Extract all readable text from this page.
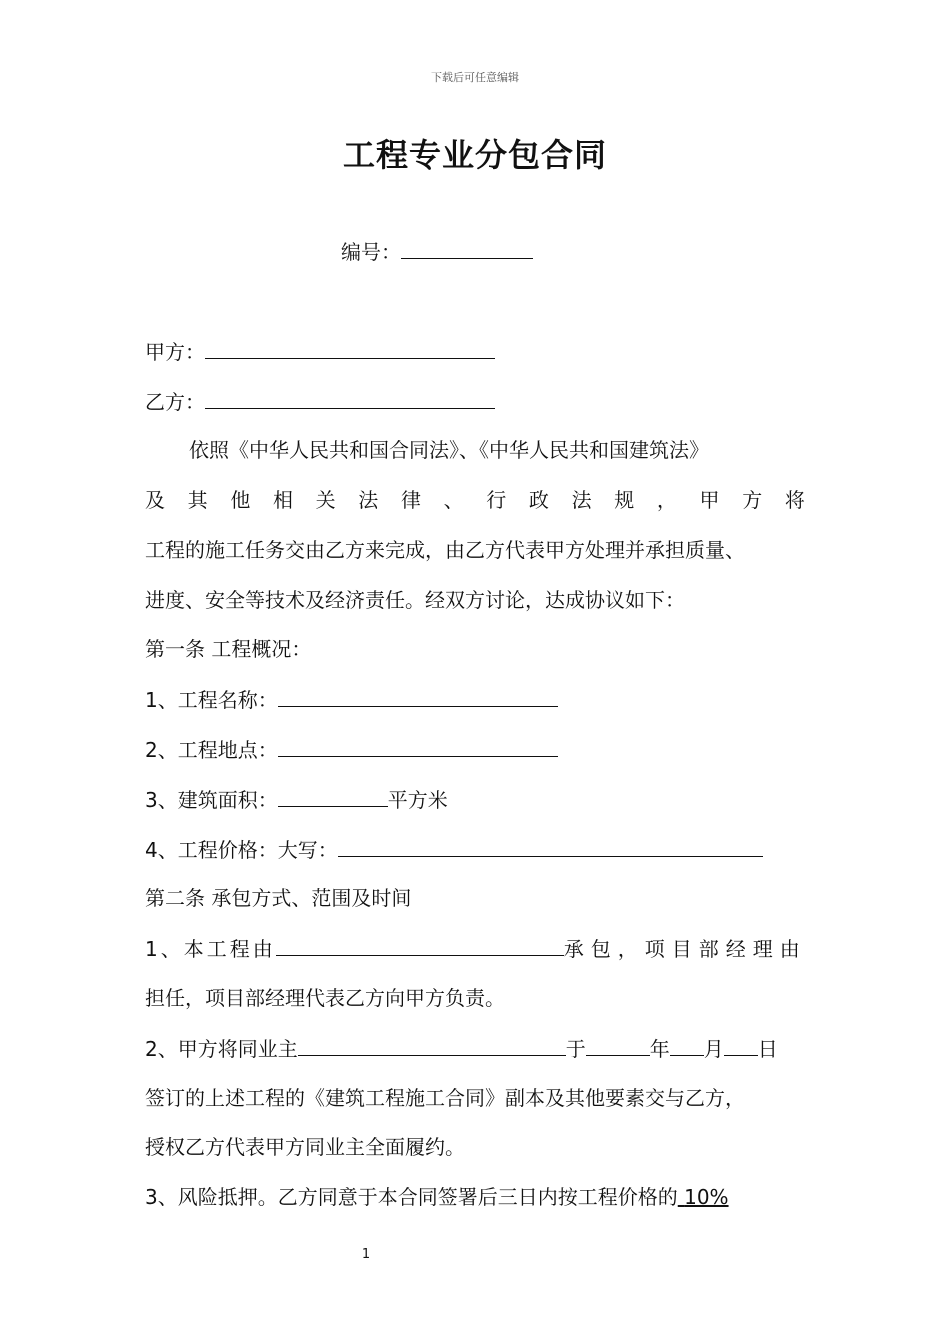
下载后可任意编辑
工程专业分包合同
编号：
甲方：
乙方：
依照《中华人民共和国合同法》、《中华人民共和国建筑法》
及 其 他 相 关 法 律 、 行 政 法 规 ， 甲 方 将
工程的施工任务交由乙方来完成，由乙方代表甲方处理并承担质量、
进度、安全等技术及经济责任。经双方讨论，达成协议如下：
第一条 工程概况：
1、工程名称：
2、工程地点：
3、建筑面积：	平方米
4、工程价格：大写：
第二条 承包方式、范围及时间
1、本工程由	承包，项目部经理由
担任，项目部经理代表乙方向甲方负责。
2、甲方将同业主	于	年 月 日
签订的上述工程的《建筑工程施工合同》副本及其他要素交与乙方，
授权乙方代表甲方同业主全面履约。
3、风险抵押。乙方同意于本合同签署后三日内按工程价格的 10%
1
